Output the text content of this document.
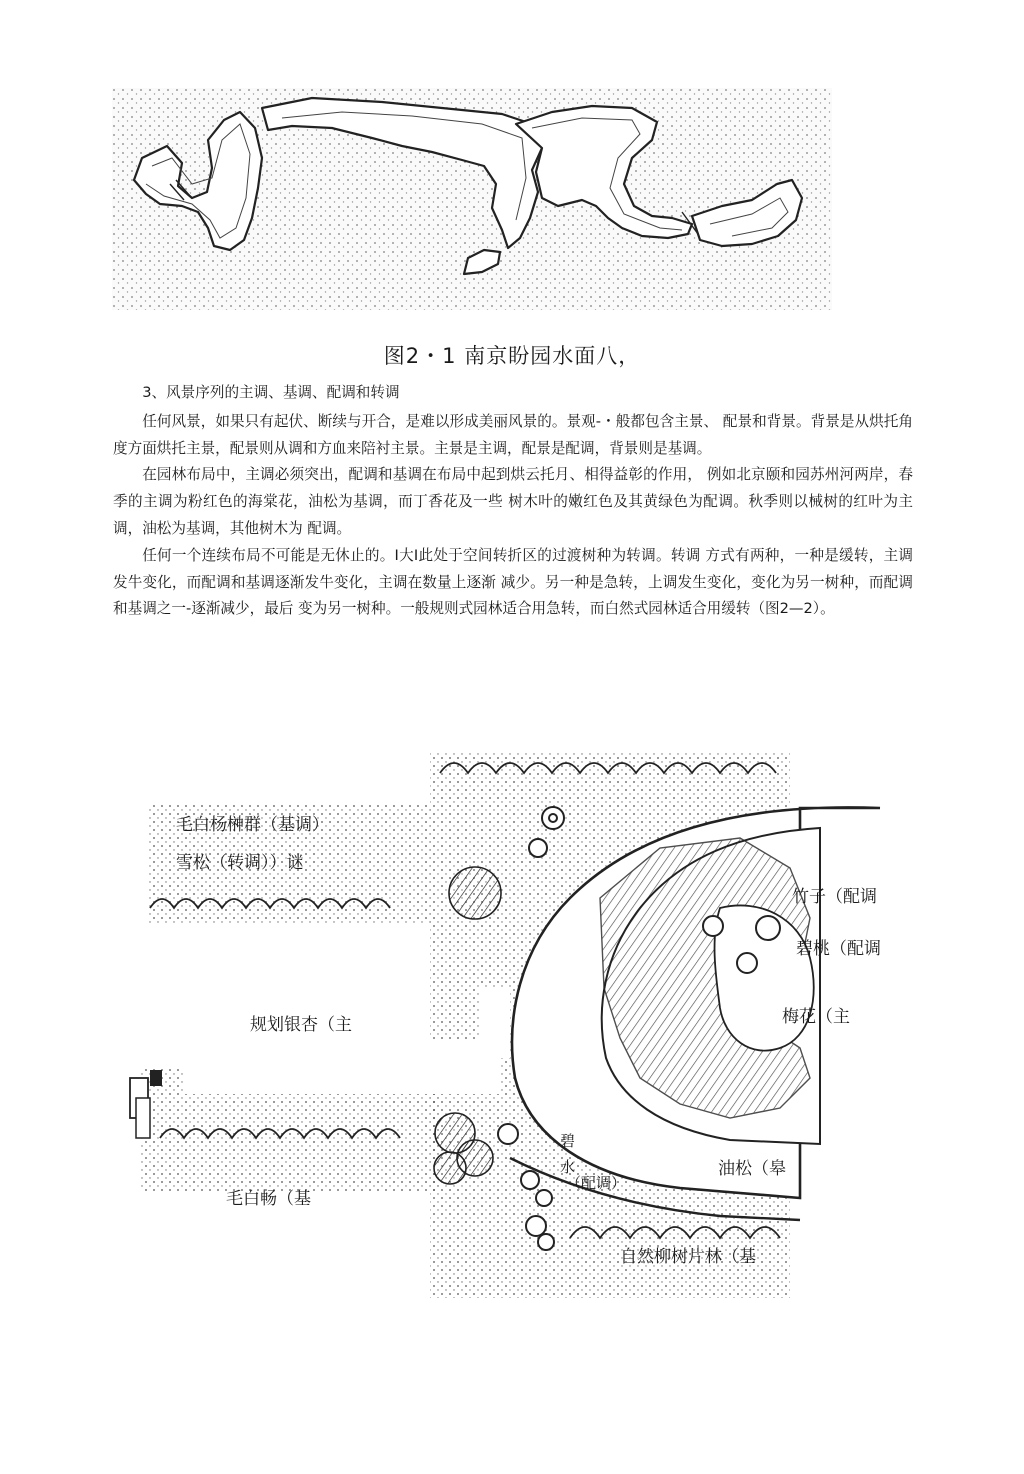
图2・1 南京盼园水面八，

3、风景序列的主调、基调、配调和转调

任何风景，如果只有起伏、断续与开合，是难以形成美丽风景的。景观-・般都包含主景、 配景和背景。背景是从烘托角度方面烘托主景，配景则从调和方血来陪衬主景。主景是主调，配景是配调，背景则是基调。

在园林布局中，主调必须突出，配调和基调在布局中起到烘云托月、相得益彰的作用， 例如北京颐和园苏州河两岸，春季的主调为粉红色的海棠花，油松为基调，而丁香花及一些 树木叶的嫩红色及其黄绿色为配调。秋季则以械树的红叶为主调，油松为基调，其他树木为 配调。

任何一个连续布局不可能是无休止的。I大I此处于空间转折区的过渡树种为转调。转调 方式有两种，一种是缓转，主调发牛变化，而配调和基调逐渐发牛变化，主调在数量上逐渐 减少。另一种是急转，上调发生变化，变化为另一树种，而配调和基调之一-逐渐减少，最后 变为另一树种。一般规则式园林适合用急转，而白然式园林适合用缓转（图2—2）。

毛白杨榊群（基调）
雪松（转调））谜
竹子（配调
碧桃（配调
规划银杏（主	梅花（主
碧
水
（配调）
油松（皋
毛白畅（基
自然柳树片林（基
